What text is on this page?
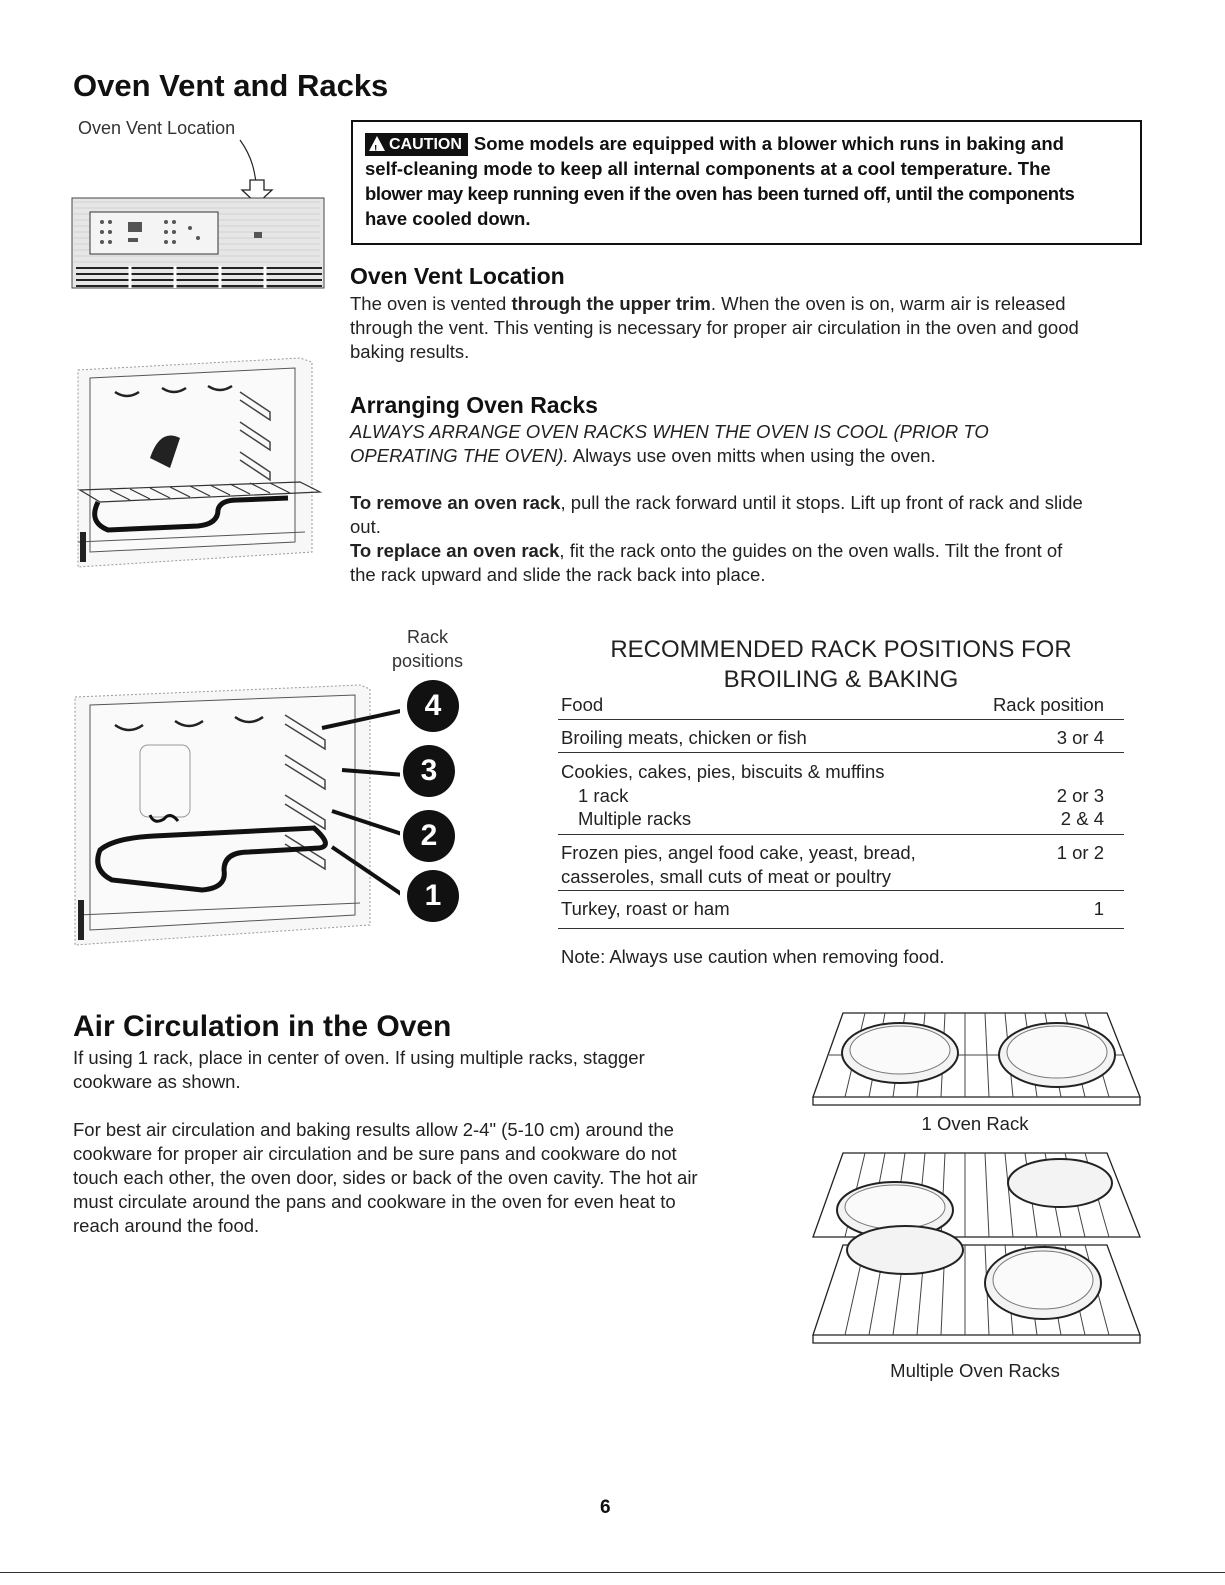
Oven Vent and Racks
Oven Vent Location
! CAUTION Some models are equipped with a blower which runs in baking and
self-cleaning mode to keep all internal components at a cool temperature. The
blower may keep running even if the oven has been turned off, until the components
have cooled down.
Oven Vent Location
The oven is vented through the upper trim. When the oven is on, warm air is released
through the vent. This venting is necessary for proper air circulation in the oven and good
baking results.
Arranging Oven Racks
ALWAYS ARRANGE OVEN RACKS WHEN THE OVEN IS COOL (PRIOR TO
OPERATING THE OVEN). Always use oven mitts when using the oven.
To remove an oven rack, pull the rack forward until it stops. Lift up front of rack and slide
out.
To replace an oven rack, fit the rack onto the guides on the oven walls. Tilt the front of
the rack upward and slide the rack back into place.
Rack
positions
4
3
2
1
RECOMMENDED RACK POSITIONS FOR
BROILING & BAKING
Food	Rack position
Broiling meats, chicken or fish	3 or 4
Cookies, cakes, pies, biscuits & muffins
1 rack	2 or 3
Multiple racks	2 & 4
Frozen pies, angel food cake, yeast, bread,	1 or 2
casseroles, small cuts of meat or poultry
Turkey, roast or ham	1
Note: Always use caution when removing food.
Air Circulation in the Oven
If using 1 rack, place in center of oven. If using multiple racks, stagger
cookware as shown.
For best air circulation and baking results allow 2-4" (5-10 cm) around the
cookware for proper air circulation and be sure pans and cookware do not
touch each other, the oven door, sides or back of the oven cavity. The hot air
must circulate around the pans and cookware in the oven for even heat to
reach around the food.
1 Oven Rack
Multiple Oven Racks
6
